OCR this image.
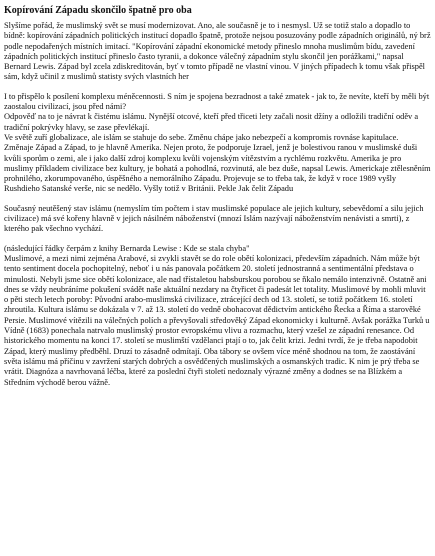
Kopírování Západu skončilo špatně pro oba

Slyšíme pořád, že muslimský svět se musí modernizovat. Ano, ale současně je to i nesmysl. Už se totiž stalo a dopadlo to bídně: kopírování západních politických institucí dopadlo špatně, protože nejsou posuzovány podle západních originálů, ný brž podle nepodařených místních imitací. "Kopírování západní ekonomické metody přineslo mnoha muslimům bídu, zavedení západních politických institucí přineslo často tyranii, a dokonce válečný západním stylu skončil jen porážkami," napsal Bernard Lewis. Západ byl zcela zdiskreditován, byť v tomto případě ne vlastní vinou. V jiných případech k tomu však přispěl sám, když učinil z muslimů statisty svých vlastních her

I to přispělo k posílení komplexu méněcennosti. S ním je spojena bezradnost a také zmatek - jak to, že nevíte, kteří by měli být zaostalou civilizací, jsou před námi?
Odpověď na to je návrat k čistému islámu. Nynější otcové, kteří před třiceti lety začali nosit džíny a odložili tradiční oděv a tradiční pokrývky hlavy, se zase převlékají.
Ve světě zuří globalizace, ale islám se stahuje do sebe. Změnu chápe jako nebezpečí a kompromis rovnáse kapitulace.
Změnaje Západ a Západ, to je hlavně Amerika. Nejen proto, že podporuje Izrael, jenž je bolestivou ranou v muslimské duši kvůli sporům o zemi, ale i jako další zdroj komplexu kvůli vojenským vítězstvím a rychlému rozkvětu. Amerika je pro muslimy příkladem civilizace bez kultury, je bohatá a pohodlná, rozvinutá, ale bez duše, napsal Lewis. Americkaje ztělesněním prohnilého, zkorumpovaného, úspěšného a nemorálního Západu. Projevuje se to třeba tak, že když v roce 1989 vyšly Rushdieho Satanské verše, nic se nedělo. Vyšly totiž v Británii. Pekle Jak čelit Západu

Současný neutěšený stav islámu (nemyslím tím počtem i stav muslimské populace ale jejich kultury, sebevědomí a silu jejich civilizace) má své kořeny hlavně v jejich násilném náboženství (mnozí Islám nazývají náboženstvím nenávisti a smrti), z kterého pak všechno vychází.

(následující řádky čerpám z knihy Bernarda Lewise : Kde se stala chyba"
Muslimové, a mezi nimi zejména Arabové, si zvykli stavět se do role obětí kolonizaci, především západních. Nám může být tento sentiment docela pochopitelný, neboť i u nás panovala počátkem 20. století jednostranná a sentimentální představa o minulosti. Nebyli jsme sice obětí kolonizace, ale nad třístaletou habsburskou porobou se ňkalo nemálo intenzivně. Ostatně ani dnes se vždy neubráníme pokušení svádět naše aktuální nezdary na čtyřicet či padesát let totality. Muslimové by mohli mluvit o pěti stech letech poroby: Původní arabo-muslimská civilizace, ztrácející dech od 13. století, se totiž počátkem 16. století zhroutila. Kultura islámu se dokázala v 7. až 13. století do vedně obohacovat dědictvím antického Řecka a Říma a starověké Persie. Muslimové vítězili na válečných polích a převyšovali středověký Západ ekonomicky i kulturně. Avšak porážka Turků u Vídně (1683) ponechala natrvalo muslimský prostor evropskému vlivu a rozmachu, který vzešel ze západní renesance. Od historického momentu na konci 17. století se muslimští vzdělanci ptají o to, jak čelit krizi. Jedni tvrdí, že je třeba napodobit Západ, který muslimy předběhl. Druzí to zásadně odmítají. Oba tábory se ovšem více méně shodnou na tom, že zaostávání světa islámu má příčinu v zavržení starých dobrých a osvědčených muslimských a osmanských tradic. K nim je prý třeba se vrátit. Diagnóza a navrhovaná léčba, které za poslední čtyři století nedoznaly výrazné změny a dodnes se na Blízkém a Středním východě berou vážně.
